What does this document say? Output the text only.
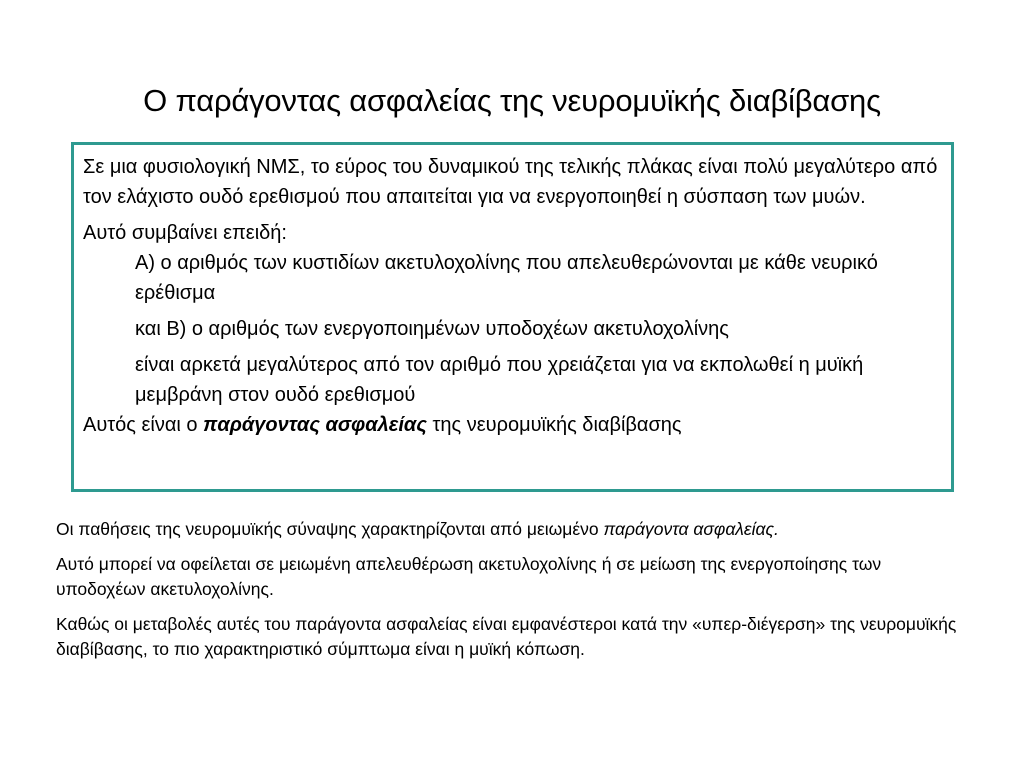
Ο παράγοντας ασφαλείας της νευρομυϊκής διαβίβασης

Σε μια φυσιολογική ΝΜΣ, το εύρος του δυναμικού της τελικής πλάκας είναι πολύ μεγαλύτερο από τον ελάχιστο ουδό ερεθισμού που απαιτείται για να ενεργοποιηθεί η σύσπαση των μυών.

Αυτό συμβαίνει επειδή:

Α) ο αριθμός των κυστιδίων ακετυλοχολίνης που απελευθερώνονται με κάθε νευρικό ερέθισμα

και Β) ο αριθμός των ενεργοποιημένων υποδοχέων ακετυλοχολίνης

είναι αρκετά μεγαλύτερος από τον αριθμό που χρειάζεται για να εκπολωθεί η μυϊκή μεμβράνη στον ουδό ερεθισμού

Αυτός είναι ο παράγοντας ασφαλείας της νευρομυϊκής διαβίβασης

Οι παθήσεις της νευρομυϊκής σύναψης χαρακτηρίζονται από μειωμένο παράγοντα ασφαλείας.

Αυτό μπορεί να οφείλεται σε μειωμένη απελευθέρωση ακετυλοχολίνης ή σε μείωση της ενεργοποίησης των υποδοχέων ακετυλοχολίνης.

Καθώς οι μεταβολές αυτές του παράγοντα ασφαλείας είναι εμφανέστεροι κατά την «υπερ-διέγερση» της νευρομυϊκής διαβίβασης, το πιο χαρακτηριστικό σύμπτωμα είναι η μυϊκή κόπωση.
